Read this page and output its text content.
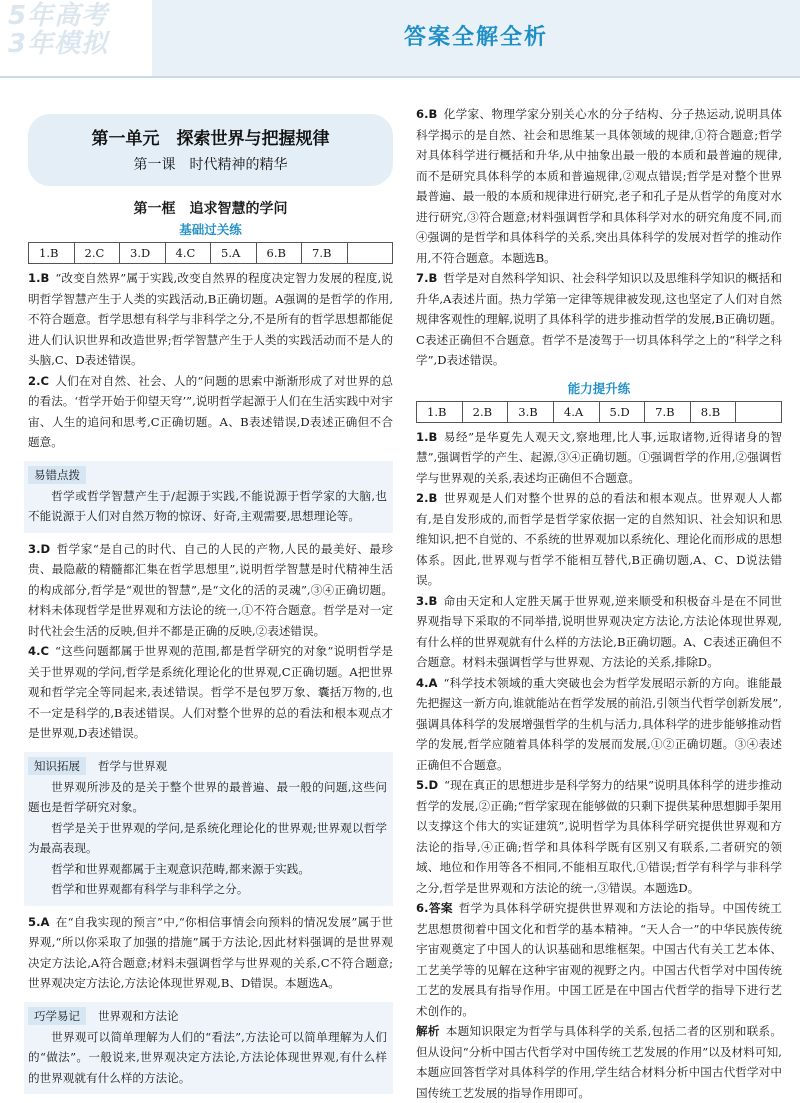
5年高考
3年模拟	答案全解全析
第一单元　探索世界与把握规律
第一课　时代精神的精华
第一框　追求智慧的学问
基础过关练
1.B	2.C	3.D	4.C	5.A	6.B	7.B
1.B “改变自然界”属于实践,改变自然界的程度决定智力发展的程度,说明哲学智慧产生于人类的实践活动,B正确切题。A强调的是哲学的作用,不符合题意。哲学思想有科学与非科学之分,不是所有的哲学思想都能促进人们认识世界和改造世界;哲学智慧产生于人类的实践活动而不是人的头脑,C、D表述错误。
2.C 人们在对自然、社会、人的“问题的思索中渐渐形成了对世界的总的看法。‘哲学开始于仰望天穹’”,说明哲学起源于人们在生活实践中对宇宙、人生的追问和思考,C正确切题。A、B表述错误,D表述正确但不合题意。
易错点拨
哲学或哲学智慧产生于/起源于实践,不能说源于哲学家的大脑,也不能说源于人们对自然万物的惊讶、好奇,主观需要,思想理论等。
3.D 哲学家“是自己的时代、自己的人民的产物,人民的最美好、最珍贵、最隐蔽的精髓都汇集在哲学思想里”,说明哲学智慧是时代精神生活的构成部分,哲学是“观世的智慧”,是“文化的活的灵魂”,③④正确切题。材料未体现哲学是世界观和方法论的统一,①不符合题意。哲学是对一定时代社会生活的反映,但并不都是正确的反映,②表述错误。
4.C “这些问题都属于世界观的范围,都是哲学研究的对象”说明哲学是关于世界观的学问,哲学是系统化理论化的世界观,C正确切题。A把世界观和哲学完全等同起来,表述错误。哲学不是包罗万象、囊括万物的,也不一定是科学的,B表述错误。人们对整个世界的总的看法和根本观点才是世界观,D表述错误。
知识拓展 哲学与世界观
世界观所涉及的是关于整个世界的最普遍、最一般的问题,这些问题也是哲学研究对象。
哲学是关于世界观的学问,是系统化理论化的世界观;世界观以哲学为最高表现。
哲学和世界观都属于主观意识范畴,都来源于实践。
哲学和世界观都有科学与非科学之分。
5.A 在“自我实现的预言”中,“你相信事情会向预料的情况发展”属于世界观,“所以你采取了加强的措施”属于方法论,因此材料强调的是世界观决定方法论,A符合题意;材料未强调哲学与世界观的关系,C不符合题意;世界观决定方法论,方法论体现世界观,B、D错误。本题选A。
巧学易记 世界观和方法论
世界观可以简单理解为人们的“看法”,方法论可以简单理解为人们的“做法”。一般说来,世界观决定方法论,方法论体现世界观,有什么样的世界观就有什么样的方法论。
6.B 化学家、物理学家分别关心水的分子结构、分子热运动,说明具体科学揭示的是自然、社会和思维某一具体领域的规律,①符合题意;哲学对具体科学进行概括和升华,从中抽象出最一般的本质和最普遍的规律,而不是研究具体科学的本质和普遍规律,②观点错误;哲学是对整个世界最普遍、最一般的本质和规律进行研究,老子和孔子是从哲学的角度对水进行研究,③符合题意;材料强调哲学和具体科学对水的研究角度不同,而④强调的是哲学和具体科学的关系,突出具体科学的发展对哲学的推动作用,不符合题意。本题选B。
7.B 哲学是对自然科学知识、社会科学知识以及思维科学知识的概括和升华,A表述片面。热力学第一定律等规律被发现,这也坚定了人们对自然规律客观性的理解,说明了具体科学的进步推动哲学的发展,B正确切题。C表述正确但不合题意。哲学不是凌驾于一切具体科学之上的“科学之科学”,D表述错误。
能力提升练
1.B	2.B	3.B	4.A	5.D	7.B	8.B
1.B 易经”是华夏先人观天文,察地理,比人事,远取诸物,近得诸身的智慧”,强调哲学的产生、起源,③④正确切题。①强调哲学的作用,②强调哲学与世界观的关系,表述均正确但不合题意。
2.B 世界观是人们对整个世界的总的看法和根本观点。世界观人人都有,是自发形成的,而哲学是哲学家依据一定的自然知识、社会知识和思维知识,把不自觉的、不系统的世界观加以系统化、理论化而形成的思想体系。因此,世界观与哲学不能相互替代,B正确切题,A、C、D说法错误。
3.B 命由天定和人定胜天属于世界观,逆来顺受和积极奋斗是在不同世界观指导下采取的不同举措,说明世界观决定方法论,方法论体现世界观,有什么样的世界观就有什么样的方法论,B正确切题。A、C表述正确但不合题意。材料未强调哲学与世界观、方法论的关系,排除D。
4.A “科学技术领域的重大突破也会为哲学发展昭示新的方向。谁能最先把握这一新方向,谁就能站在哲学发展的前沿,引领当代哲学创新发展”,强调具体科学的发展增强哲学的生机与活力,具体科学的进步能够推动哲学的发展,哲学应随着具体科学的发展而发展,①②正确切题。③④表述正确但不合题意。
5.D “现在真正的思想进步是科学努力的结果”说明具体科学的进步推动哲学的发展,②正确;“哲学家现在能够做的只剩下提供某种思想脚手架用以支撑这个伟大的实证建筑”,说明哲学为具体科学研究提供世界观和方法论的指导,④正确;哲学和具体科学既有区别又有联系,二者研究的领域、地位和作用等各不相同,不能相互取代,①错误;哲学有科学与非科学之分,哲学是世界观和方法论的统一,③错误。本题选D。
6.答案 哲学为具体科学研究提供世界观和方法论的指导。中国传统工艺思想贯彻着中国文化和哲学的基本精神。“天人合一”的中华民族传统宇宙观奠定了中国人的认识基础和思维框架。中国古代有关工艺本体、工艺美学等的见解在这种宇宙观的视野之内。中国古代哲学对中国传统工艺的发展具有指导作用。中国工匠是在中国古代哲学的指导下进行艺术创作的。
解析 本题知识限定为哲学与具体科学的关系,包括二者的区别和联系。但从设问“分析中国古代哲学对中国传统工艺发展的作用”以及材料可知,本题应回答哲学对具体科学的作用,学生结合材料分析中国古代哲学对中国传统工艺发展的指导作用即可。
